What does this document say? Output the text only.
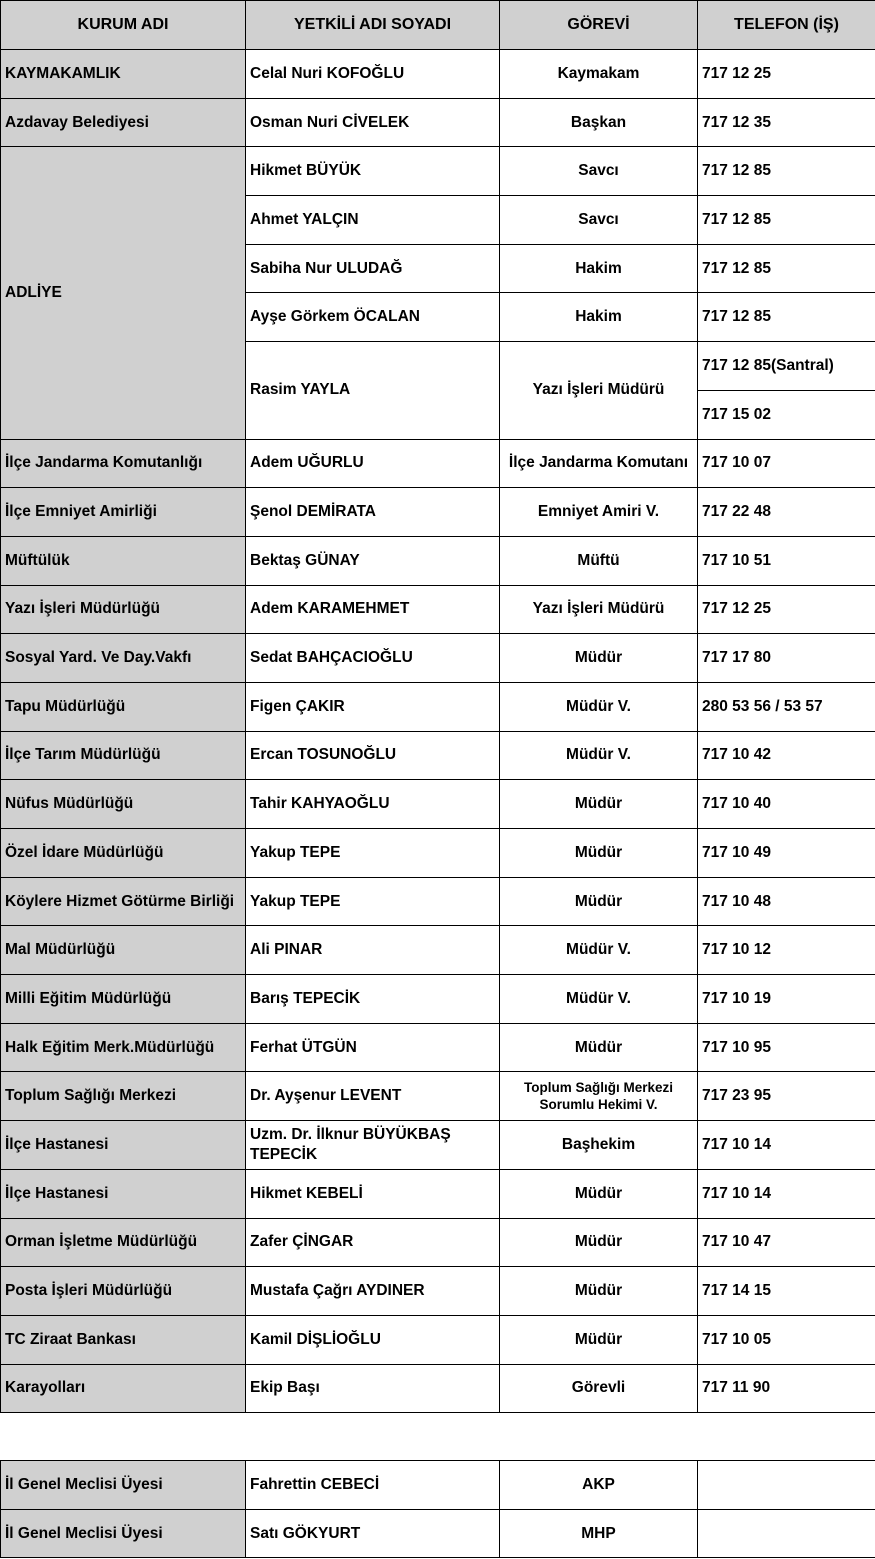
KURUM ADI	YETKİLİ ADI SOYADI	GÖREVİ	TELEFON (İŞ)
KAYMAKAMLIK	Celal Nuri KOFOĞLU	Kaymakam	717 12 25
Azdavay Belediyesi	Osman Nuri CİVELEK	Başkan	717 12 35
ADLİYE	Hikmet BÜYÜK	Savcı	717 12 85
	Ahmet YALÇIN	Savcı	717 12 85
	Sabiha Nur ULUDAĞ	Hakim	717 12 85
	Ayşe Görkem ÖCALAN	Hakim	717 12 85
	Rasim YAYLA	Yazı İşleri Müdürü	717 12 85(Santral)
			717 15 02
İlçe Jandarma Komutanlığı	Adem UĞURLU	İlçe Jandarma Komutanı	717 10 07
İlçe Emniyet Amirliği	Şenol DEMİRATA	Emniyet Amiri V.	717 22 48
Müftülük	Bektaş GÜNAY	Müftü	717 10 51
Yazı İşleri Müdürlüğü	Adem KARAMEHMET	Yazı İşleri Müdürü	717 12 25
Sosyal Yard. Ve Day.Vakfı	Sedat BAHÇACIOĞLU	Müdür	717 17 80
Tapu Müdürlüğü	Figen ÇAKIR	Müdür V.	280 53 56 / 53 57
İlçe Tarım Müdürlüğü	Ercan TOSUNOĞLU	Müdür V.	717 10 42
Nüfus Müdürlüğü	Tahir KAHYAOĞLU	Müdür	717 10 40
Özel İdare Müdürlüğü	Yakup TEPE	Müdür	717 10 49
Köylere Hizmet Götürme Birliği	Yakup TEPE	Müdür	717 10 48
Mal Müdürlüğü	Ali PINAR	Müdür V.	717 10 12
Milli Eğitim Müdürlüğü	Barış TEPECİK	Müdür V.	717 10 19
Halk Eğitim Merk.Müdürlüğü	Ferhat ÜTGÜN	Müdür	717 10 95
Toplum Sağlığı Merkezi	Dr. Ayşenur LEVENT	Toplum Sağlığı Merkezi Sorumlu Hekimi V.	717 23 95
İlçe Hastanesi	Uzm. Dr. İlknur BÜYÜKBAŞ TEPECİK	Başhekim	717 10 14
İlçe Hastanesi	Hikmet KEBELİ	Müdür	717 10 14
Orman İşletme Müdürlüğü	Zafer ÇİNGAR	Müdür	717 10 47
Posta İşleri Müdürlüğü	Mustafa Çağrı AYDINER	Müdür	717 14 15
TC Ziraat Bankası	Kamil DİŞLİOĞLU	Müdür	717 10 05
Karayolları	Ekip Başı	Görevli	717 11 90
İl Genel Meclisi Üyesi	Fahrettin CEBECİ	AKP	
İl Genel Meclisi Üyesi	Satı GÖKYURT	MHP	
